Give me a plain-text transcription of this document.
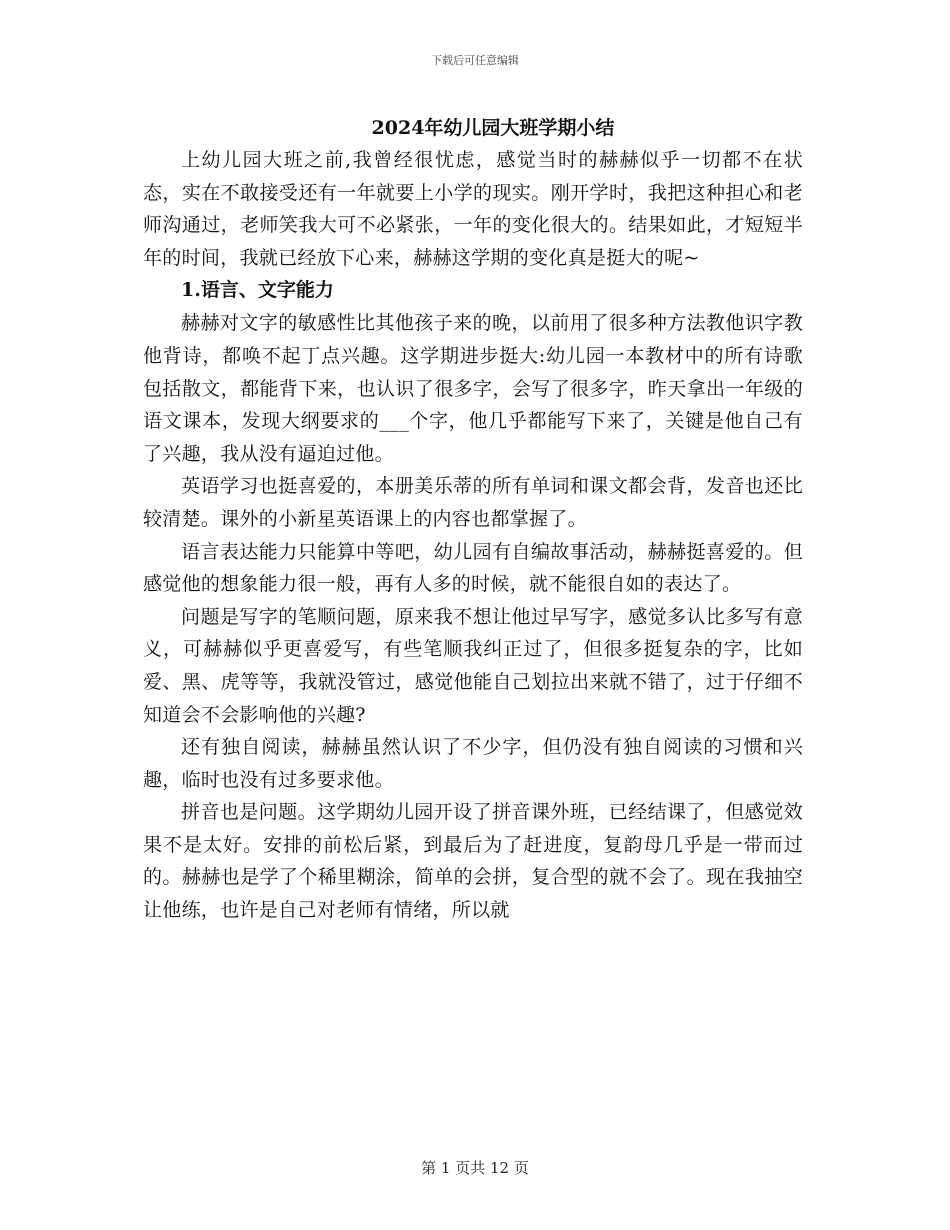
下载后可任意编辑
2024年幼儿园大班学期小结

上幼儿园大班之前,我曾经很忧虑，感觉当时的赫赫似乎一切都不在状态，实在不敢接受还有一年就要上小学的现实。刚开学时，我把这种担心和老师沟通过，老师笑我大可不必紧张，一年的变化很大的。结果如此，才短短半年的时间，我就已经放下心来，赫赫这学期的变化真是挺大的呢~

1.语言、文字能力

赫赫对文字的敏感性比其他孩子来的晚，以前用了很多种方法教他识字教他背诗，都唤不起丁点兴趣。这学期进步挺大:幼儿园一本教材中的所有诗歌包括散文，都能背下来，也认识了很多字，会写了很多字，昨天拿出一年级的语文课本，发现大纲要求的___个字，他几乎都能写下来了，关键是他自己有了兴趣，我从没有逼迫过他。

英语学习也挺喜爱的，本册美乐蒂的所有单词和课文都会背，发音也还比较清楚。课外的小新星英语课上的内容也都掌握了。

语言表达能力只能算中等吧，幼儿园有自编故事活动，赫赫挺喜爱的。但感觉他的想象能力很一般，再有人多的时候，就不能很自如的表达了。

问题是写字的笔顺问题，原来我不想让他过早写字，感觉多认比多写有意义，可赫赫似乎更喜爱写，有些笔顺我纠正过了，但很多挺复杂的字，比如爱、黑、虎等等，我就没管过，感觉他能自己划拉出来就不错了，过于仔细不知道会不会影响他的兴趣?

还有独自阅读，赫赫虽然认识了不少字，但仍没有独自阅读的习惯和兴趣，临时也没有过多要求他。

拼音也是问题。这学期幼儿园开设了拼音课外班，已经结课了，但感觉效果不是太好。安排的前松后紧，到最后为了赶进度，复韵母几乎是一带而过的。赫赫也是学了个稀里糊涂，简单的会拼，复合型的就不会了。现在我抽空让他练，也许是自己对老师有情绪，所以就

第 1 页共 12 页
